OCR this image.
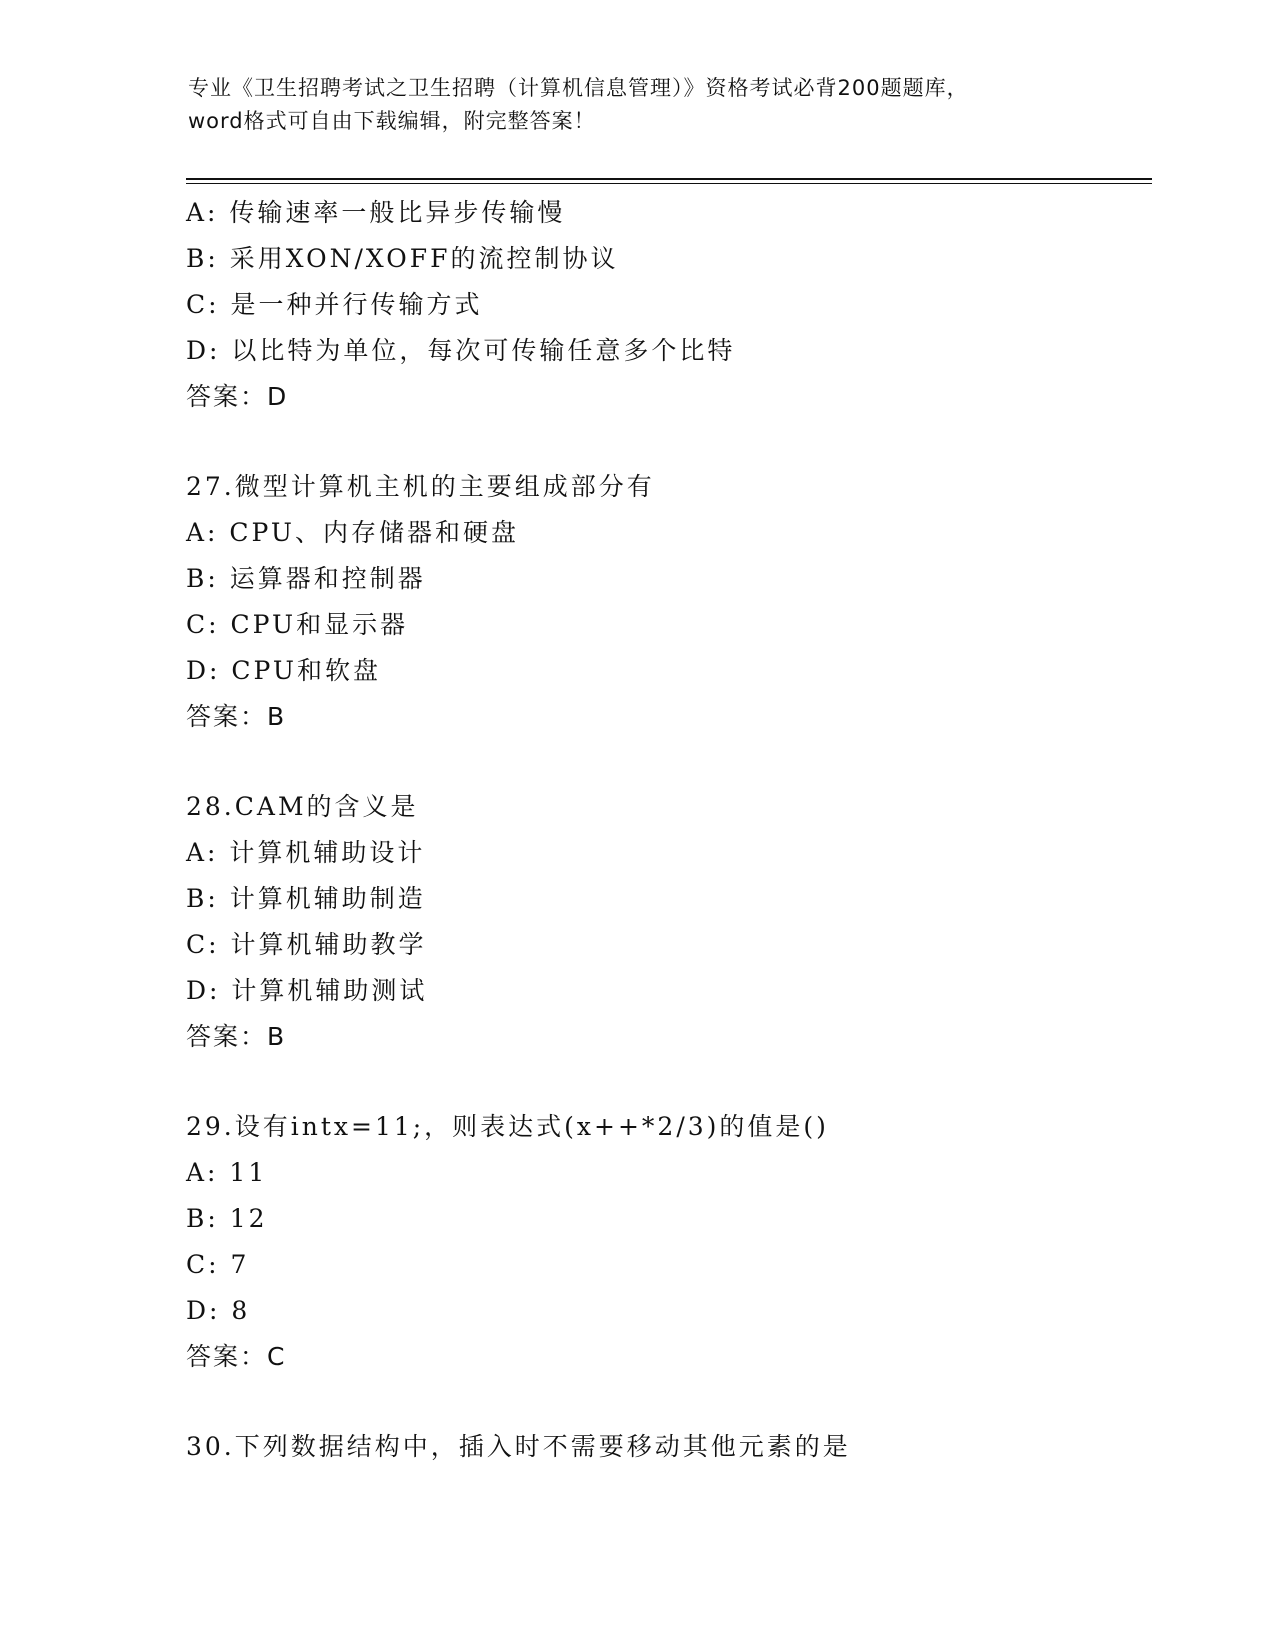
专业《卫生招聘考试之卫生招聘（计算机信息管理）》资格考试必背200题题库，
word格式可自由下载编辑，附完整答案！
A: 传输速率一般比异步传输慢
B: 采用XON/XOFF的流控制协议
C: 是一种并行传输方式
D: 以比特为单位，每次可传输任意多个比特
答案：D
27.微型计算机主机的主要组成部分有
A: CPU、内存储器和硬盘
B: 运算器和控制器
C: CPU和显示器
D: CPU和软盘
答案：B
28.CAM的含义是
A: 计算机辅助设计
B: 计算机辅助制造
C: 计算机辅助教学
D: 计算机辅助测试
答案：B
29.设有intx=11;，则表达式(x++*2/3)的值是()
A: 11
B: 12
C: 7
D: 8
答案：C
30.下列数据结构中，插入时不需要移动其他元素的是
